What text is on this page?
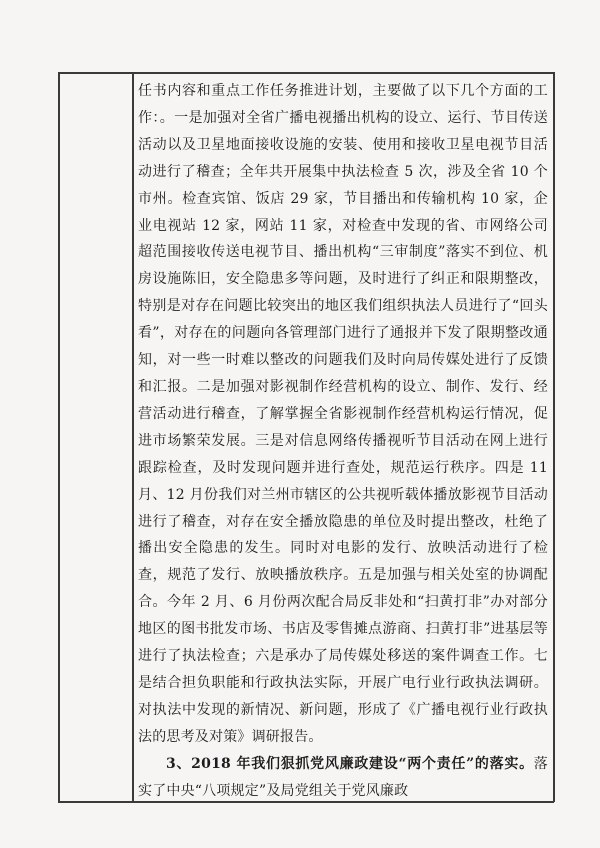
任书内容和重点工作任务推进计划，主要做了以下几个方面的工作：。一是加强对全省广播电视播出机构的设立、运行、节目传送活动以及卫星地面接收设施的安装、使用和接收卫星电视节目活动进行了稽查；全年共开展集中执法检查 5 次，涉及全省 10 个市州。检查宾馆、饭店 29 家，节目播出和传输机构 10 家，企业电视站 12 家，网站 11 家，对检查中发现的省、市网络公司超范围接收传送电视节目、播出机构“三审制度”落实不到位、机房设施陈旧，安全隐患多等问题，及时进行了纠正和限期整改，特别是对存在问题比较突出的地区我们组织执法人员进行了“回头看”，对存在的问题向各管理部门进行了通报并下发了限期整改通知，对一些一时难以整改的问题我们及时向局传媒处进行了反馈和汇报。二是加强对影视制作经营机构的设立、制作、发行、经营活动进行稽查，了解掌握全省影视制作经营机构运行情况，促进市场繁荣发展。三是对信息网络传播视听节目活动在网上进行跟踪检查，及时发现问题并进行查处，规范运行秩序。四是 11 月、12 月份我们对兰州市辖区的公共视听载体播放影视节目活动进行了稽查，对存在安全播放隐患的单位及时提出整改，杜绝了播出安全隐患的发生。同时对电影的发行、放映活动进行了检查，规范了发行、放映播放秩序。五是加强与相关处室的协调配合。今年 2 月、6 月份两次配合局反非处和“扫黄打非”办对部分地区的图书批发市场、书店及零售摊点游商、扫黄打非”进基层等进行了执法检查；六是承办了局传媒处移送的案件调查工作。七是结合担负职能和行政执法实际，开展广电行业行政执法调研。对执法中发现的新情况、新问题，形成了《广播电视行业行政执法的思考及对策》调研报告。

3、2018 年我们狠抓党风廉政建设“两个责任”的落实。落实了中央“八项规定”及局党组关于党风廉政
